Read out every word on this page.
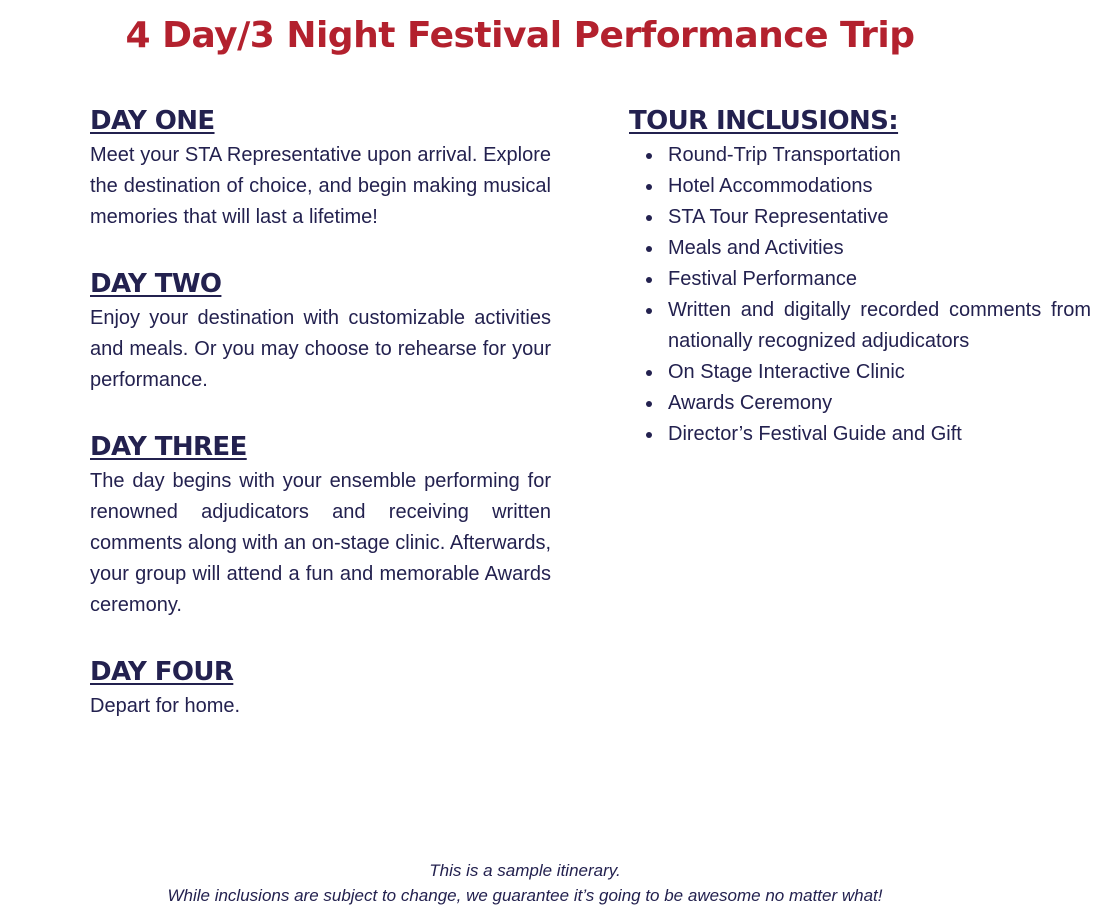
4 Day/3 Night Festival Performance Trip
DAY ONE

Meet your STA Representative upon arrival. Explore the destination of choice, and begin making musical memories that will last a lifetime!

DAY TWO

Enjoy your destination with customizable activities and meals. Or you may choose to rehearse for your performance.

DAY THREE

The day begins with your ensemble performing for renowned adjudicators and receiving written comments along with an on-stage clinic. Afterwards, your group will attend a fun and memorable Awards ceremony.

DAY FOUR

Depart for home.

TOUR INCLUSIONS:
Round-Trip Transportation
Hotel Accommodations
STA Tour Representative
Meals and Activities
Festival Performance
Written and digitally recorded comments from nationally recognized adjudicators
On Stage Interactive Clinic
Awards Ceremony
Director’s Festival Guide and Gift
This is a sample itinerary.
While inclusions are subject to change, we guarantee it’s going to be awesome no matter what!
